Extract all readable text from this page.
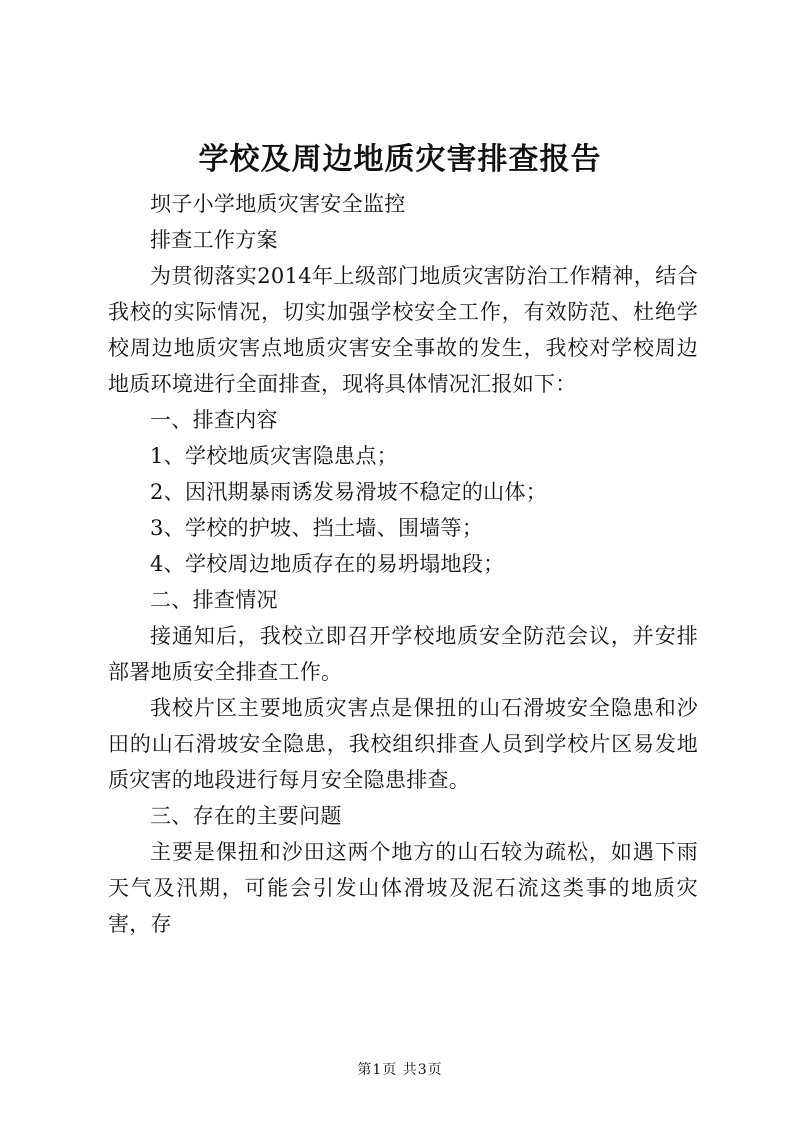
学校及周边地质灾害排查报告

坝子小学地质灾害安全监控

排查工作方案

为贯彻落实2014年上级部门地质灾害防治工作精神，结合我校的实际情况，切实加强学校安全工作，有效防范、杜绝学校周边地质灾害点地质灾害安全事故的发生，我校对学校周边地质环境进行全面排查，现将具体情况汇报如下：

一、排查内容

1、学校地质灾害隐患点；

2、因汛期暴雨诱发易滑坡不稳定的山体；

3、学校的护坡、挡土墙、围墙等；

4、学校周边地质存在的易坍塌地段；

二、排查情况

接通知后，我校立即召开学校地质安全防范会议，并安排部署地质安全排查工作。

我校片区主要地质灾害点是倮扭的山石滑坡安全隐患和沙田的山石滑坡安全隐患，我校组织排查人员到学校片区易发地质灾害的地段进行每月安全隐患排查。

三、存在的主要问题

主要是倮扭和沙田这两个地方的山石较为疏松，如遇下雨天气及汛期，可能会引发山体滑坡及泥石流这类事的地质灾害，存

第1页 共3页
